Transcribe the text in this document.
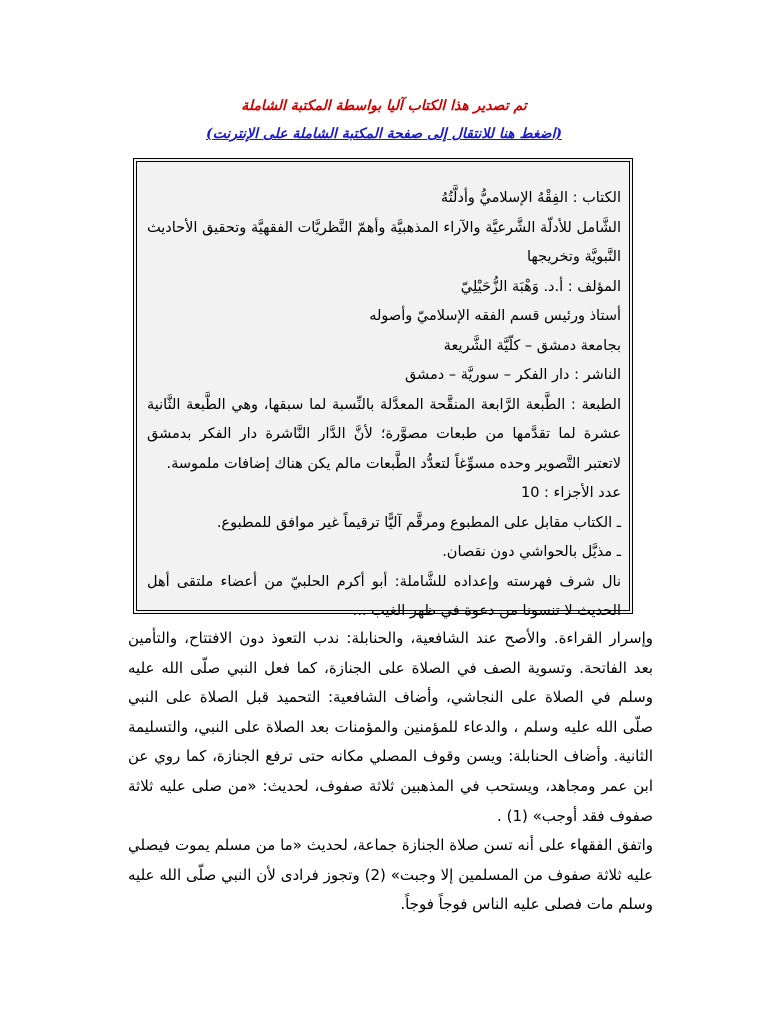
تم تصدير هذا الكتاب آليا بواسطة المكتبة الشاملة
(اضغط هنا للانتقال إلى صفحة المكتبة الشاملة على الإنترنت)
الكتاب : الفِقْهُ الإسلاميُّ وأدلَّتُهُ
الشَّامل للأدلّة الشَّرعيَّة والآراء المذهبيَّة وأهمّ النَّظريَّات الفقهيَّة وتحقيق الأحاديث النَّبويَّة وتخريجها
المؤلف : أ.د. وَهْبَة الزُّحَيْلِيّ
أستاذ ورئيس قسم الفقه الإسلاميّ وأصوله
بجامعة دمشق – كلّيَّة الشَّريعة
الناشر : دار الفكر – سوريَّة – دمشق
الطبعة : الطَّبعة الرَّابعة المنقَّحة المعدَّلة بالنِّسبة لما سبقها، وهي الطَّبعة الثَّانية عشرة لما تقدَّمها من طبعات مصوَّرة؛ لأنَّ الدَّار النَّاشرة دار الفكر بدمشق لاتعتبر التَّصوير وحده مسوِّغاً لتعدُّد الطَّبعات مالم يكن هناك إضافات ملموسة.
عدد الأجزاء : 10
ـ الكتاب مقابل على المطبوع ومرقَّم آليًّا ترقيماً غير موافق للمطبوع.
ـ مذيَّل بالحواشي دون نقصان.
نال شرف فهرسته وإعداده للشَّاملة: أبو أكرم الحلبيّ من أعضاء ملتقى أهل الحديث لا تنسونا من دعوة في ظهر الغيب ...

وإسرار القراءة. والأصح عند الشافعية، والحنابلة: ندب التعوذ دون الافتتاح، والتأمين بعد الفاتحة. وتسوية الصف في الصلاة على الجنازة، كما فعل النبي صلّى الله عليه وسلم في الصلاة على النجاشي، وأضاف الشافعية: التحميد قبل الصلاة على النبي صلّى الله عليه وسلم ، والدعاء للمؤمنين والمؤمنات بعد الصلاة على النبي، والتسليمة الثانية. وأضاف الحنابلة: ويسن وقوف المصلي مكانه حتى ترفع الجنازة، كما روي عن ابن عمر ومجاهد، ويستحب في المذهبين ثلاثة صفوف، لحديث: «من صلى عليه ثلاثة صفوف فقد أوجب» (1) .

واتفق الفقهاء على أنه تسن صلاة الجنازة جماعة، لحديث «ما من مسلم يموت فيصلي عليه ثلاثة صفوف من المسلمين إلا وجبت» (2) وتجوز فرادى لأن النبي صلّى الله عليه وسلم مات فصلى عليه الناس فوجاً فوجاً.
